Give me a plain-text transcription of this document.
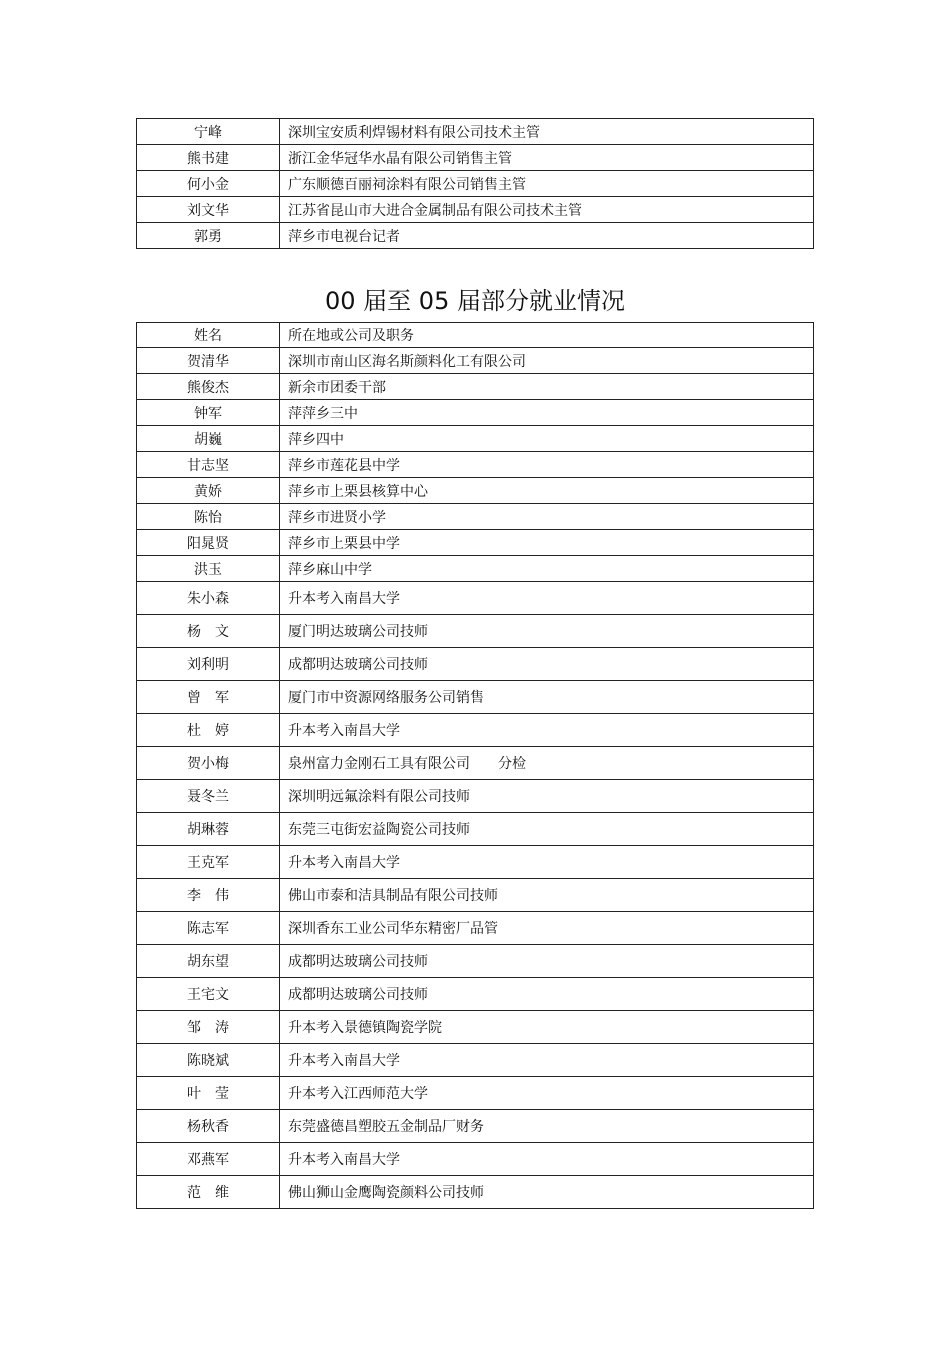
宁峰	深圳宝安质利焊锡材料有限公司技术主管
熊书建	浙江金华冠华水晶有限公司销售主管
何小金	广东顺德百丽祠涂料有限公司销售主管
刘文华	江苏省昆山市大进合金属制品有限公司技术主管
郭勇	萍乡市电视台记者
00 届至 05 届部分就业情况
姓名	所在地或公司及职务
贺清华	深圳市南山区海名斯颜料化工有限公司
熊俊杰	新余市团委干部
钟军	萍萍乡三中
胡巍	萍乡四中
甘志坚	萍乡市莲花县中学
黄娇	萍乡市上栗县核算中心
陈怡	萍乡市进贤小学
阳晁贤	萍乡市上栗县中学
洪玉	萍乡麻山中学
朱小森	升本考入南昌大学
杨　文	厦门明达玻璃公司技师
刘利明	成都明达玻璃公司技师
曾　军	厦门市中资源网络服务公司销售
杜　婷	升本考入南昌大学
贺小梅	泉州富力金刚石工具有限公司　　分检
聂冬兰	深圳明远氟涂料有限公司技师
胡琳蓉	东莞三屯街宏益陶瓷公司技师
王克军	升本考入南昌大学
李　伟	佛山市泰和洁具制品有限公司技师
陈志军	深圳香东工业公司华东精密厂品管
胡东望	成都明达玻璃公司技师
王宅文	成都明达玻璃公司技师
邹　涛	升本考入景德镇陶瓷学院
陈晓斌	升本考入南昌大学
叶　莹	升本考入江西师范大学
杨秋香	东莞盛德昌塑胶五金制品厂财务
邓燕军	升本考入南昌大学
范　维	佛山狮山金鹰陶瓷颜料公司技师
